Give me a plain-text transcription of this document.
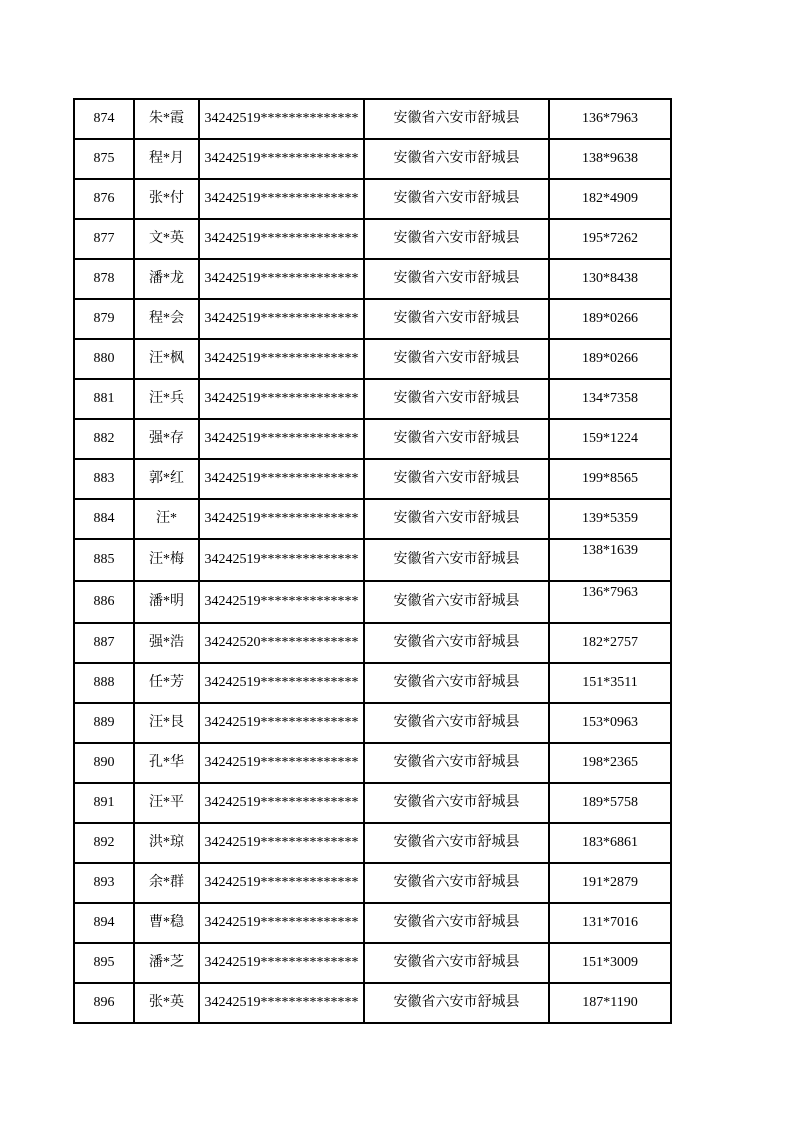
874	朱*霞	34242519**************	安徽省六安市舒城县	136*7963
875	程*月	34242519**************	安徽省六安市舒城县	138*9638
876	张*付	34242519**************	安徽省六安市舒城县	182*4909
877	文*英	34242519**************	安徽省六安市舒城县	195*7262
878	潘*龙	34242519**************	安徽省六安市舒城县	130*8438
879	程*会	34242519**************	安徽省六安市舒城县	189*0266
880	汪*枫	34242519**************	安徽省六安市舒城县	189*0266
881	汪*兵	34242519**************	安徽省六安市舒城县	134*7358
882	强*存	34242519**************	安徽省六安市舒城县	159*1224
883	郭*红	34242519**************	安徽省六安市舒城县	199*8565
884	汪*	34242519**************	安徽省六安市舒城县	139*5359
885	汪*梅	34242519**************	安徽省六安市舒城县	138*1639
886	潘*明	34242519**************	安徽省六安市舒城县	136*7963
887	强*浩	34242520**************	安徽省六安市舒城县	182*2757
888	任*芳	34242519**************	安徽省六安市舒城县	151*3511
889	汪*艮	34242519**************	安徽省六安市舒城县	153*0963
890	孔*华	34242519**************	安徽省六安市舒城县	198*2365
891	汪*平	34242519**************	安徽省六安市舒城县	189*5758
892	洪*琼	34242519**************	安徽省六安市舒城县	183*6861
893	余*群	34242519**************	安徽省六安市舒城县	191*2879
894	曹*稳	34242519**************	安徽省六安市舒城县	131*7016
895	潘*芝	34242519**************	安徽省六安市舒城县	151*3009
896	张*英	34242519**************	安徽省六安市舒城县	187*1190
